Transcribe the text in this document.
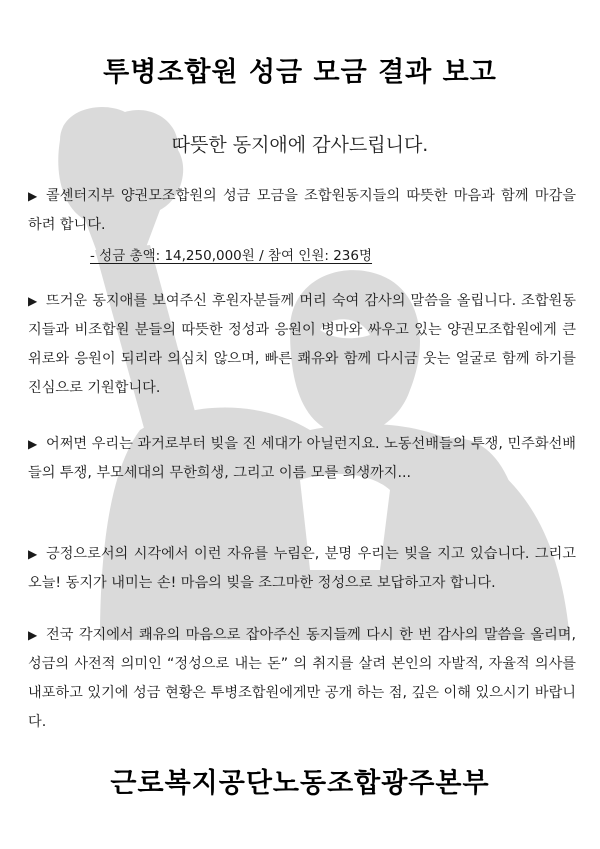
투병조합원 성금 모금 결과 보고
따뜻한 동지애에 감사드립니다.
▶ 콜센터지부 양권모조합원의 성금 모금을 조합원동지들의 따뜻한 마음과 함께 마감을 하려 합니다.
- 성금 총액: 14,250,000원 / 참여 인원: 236명
▶ 뜨거운 동지애를 보여주신 후원자분들께 머리 숙여 감사의 말씀을 올립니다. 조합원동지들과 비조합원 분들의 따뜻한 정성과 응원이 병마와 싸우고 있는 양권모조합원에게 큰 위로와 응원이 되리라 의심치 않으며, 빠른 쾌유와 함께 다시금 웃는 얼굴로 함께 하기를 진심으로 기원합니다.
▶ 어쩌면 우리는 과거로부터 빚을 진 세대가 아닐런지요. 노동선배들의 투쟁, 민주화선배들의 투쟁, 부모세대의 무한희생, 그리고 이름 모를 희생까지...
▶ 긍정으로서의 시각에서 이런 자유를 누림은, 분명 우리는 빚을 지고 있습니다. 그리고 오늘! 동지가 내미는 손! 마음의 빚을 조그마한 정성으로 보답하고자 합니다.
▶ 전국 각지에서 쾌유의 마음으로 잡아주신 동지들께 다시 한 번 감사의 말씀을 올리며, 성금의 사전적 의미인 “정성으로 내는 돈” 의 취지를 살려 본인의 자발적, 자율적 의사를 내포하고 있기에 성금 현황은 투병조합원에게만 공개 하는 점, 깊은 이해 있으시기 바랍니다.
근로복지공단노동조합광주본부
